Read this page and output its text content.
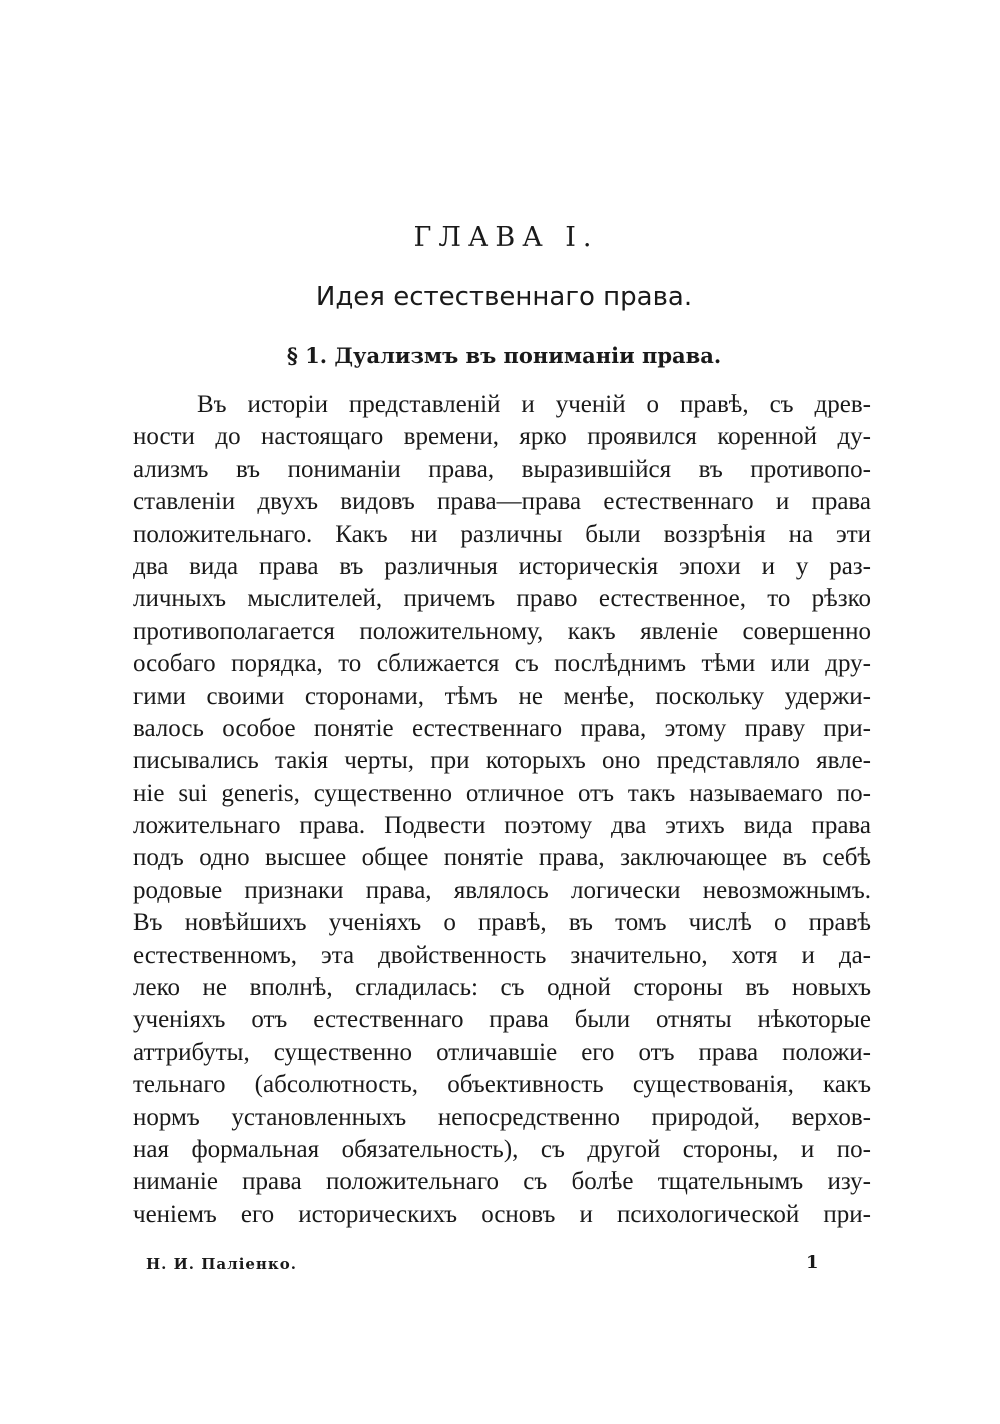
ГЛАВА I.
Идея естественнаго права.
§ 1. Дуализмъ въ пониманіи права.
Въ исторіи представленій и ученій о правѣ, съ древ-
ности до настоящаго времени, ярко проявился коренной ду-
ализмъ въ пониманіи права, выразившійся въ противопо-
ставленіи двухъ видовъ права—права естественнаго и права
положительнаго. Какъ ни различны были воззрѣнія на эти
два вида права въ различныя историческія эпохи и у раз-
личныхъ мыслителей, причемъ право естественное, то рѣзко
противополагается положительному, какъ явленіе совершенно
особаго порядка, то сближается съ послѣднимъ тѣми или дру-
гими своими сторонами, тѣмъ не менѣе, поскольку удержи-
валось особое понятіе естественнаго права, этому праву при-
писывались такія черты, при которыхъ оно представляло явле-
ніе sui generis, существенно отличное отъ такъ называемаго по-
ложительнаго права. Подвести поэтому два этихъ вида права
подъ одно высшее общее понятіе права, заключающее въ себѣ
родовые признаки права, являлось логически невозможнымъ.
Въ новѣйшихъ ученіяхъ о правѣ, въ томъ числѣ о правѣ
естественномъ, эта двойственность значительно, хотя и да-
леко не вполнѣ, сгладилась: съ одной стороны въ новыхъ
ученіяхъ отъ естественнаго права были отняты нѣкоторые
аттрибуты, существенно отличавшіе его отъ права положи-
тельнаго (абсолютность, объективность существованія, какъ
нормъ установленныхъ непосредственно природой, верхов-
ная формальная обязательность), съ другой стороны, и по-
ниманіе права положительнаго съ болѣе тщательнымъ изу-
ченіемъ его историческихъ основъ и психологической при-
Н. И. Паліенко.	1
